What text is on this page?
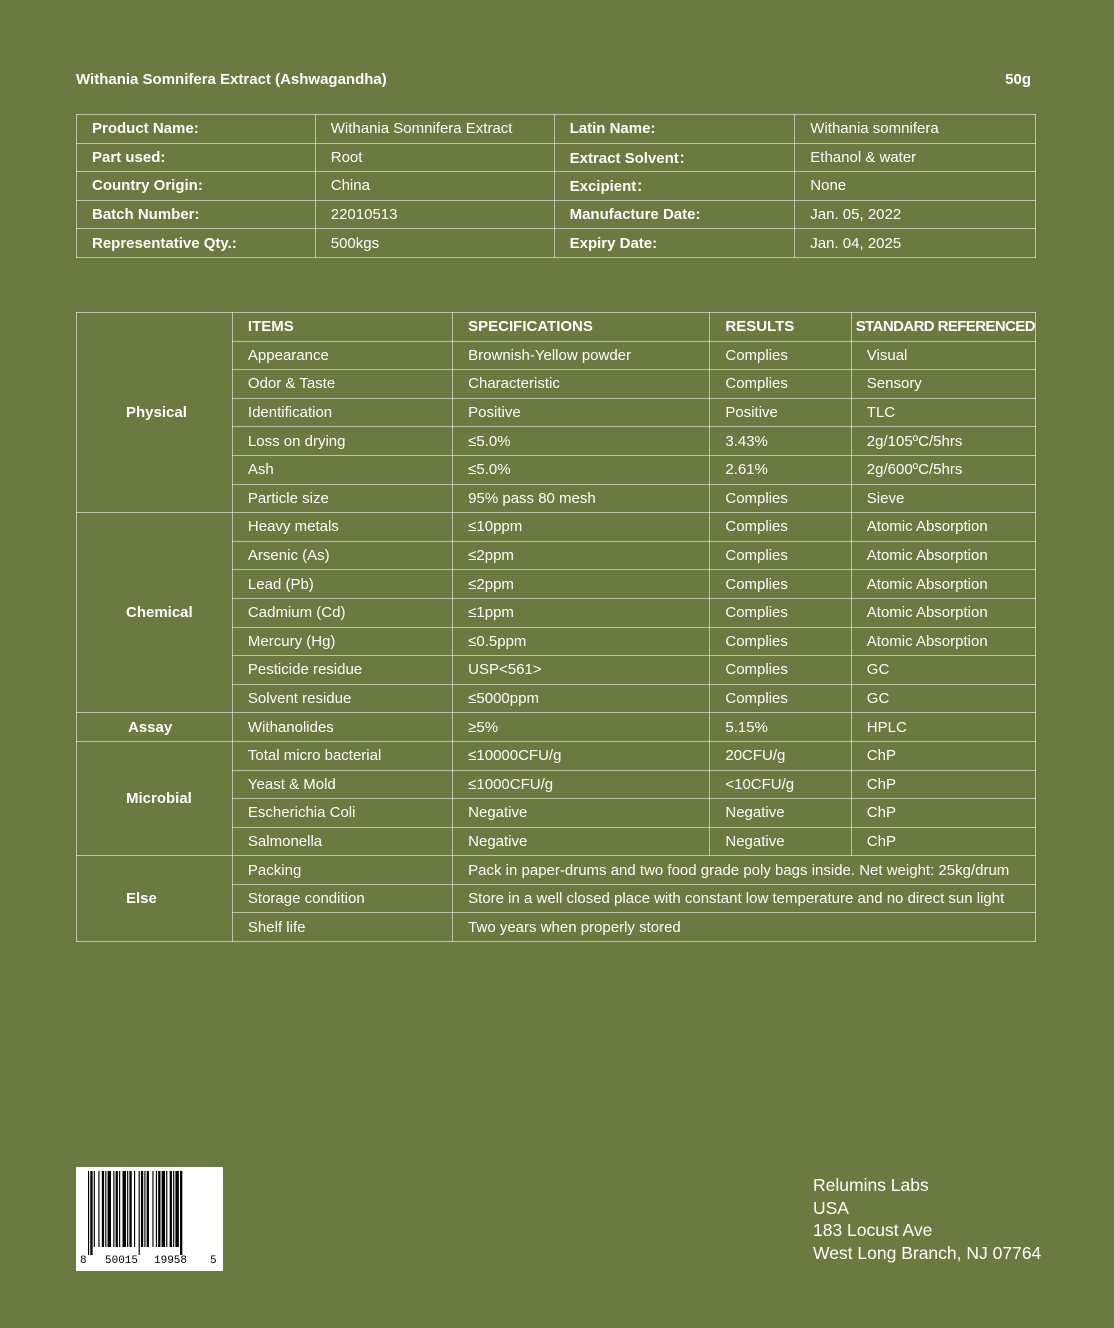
Withania Somnifera Extract (Ashwagandha)	50g
Product Name:	Withania Somnifera Extract	Latin Name:	Withania somnifera
Part used:	Root	Extract Solvent：	Ethanol & water
Country Origin:	China	Excipient：	None
Batch Number:	22010513	Manufacture Date:	Jan. 05, 2022
Representative Qty.:	500kgs	Expiry Date:	Jan. 04, 2025
Physical	ITEMS	SPECIFICATIONS	RESULTS	STANDARD REFERENCED
	Appearance	Brownish-Yellow powder	Complies	Visual
	Odor & Taste	Characteristic	Complies	Sensory
	Identification	Positive	Positive	TLC
	Loss on drying	≤5.0%	3.43%	2g/105ºC/5hrs
	Ash	≤5.0%	2.61%	2g/600ºC/5hrs
	Particle size	95% pass 80 mesh	Complies	Sieve
Chemical	Heavy metals	≤10ppm	Complies	Atomic Absorption
	Arsenic (As)	≤2ppm	Complies	Atomic Absorption
	Lead (Pb)	≤2ppm	Complies	Atomic Absorption
	Cadmium (Cd)	≤1ppm	Complies	Atomic Absorption
	Mercury (Hg)	≤0.5ppm	Complies	Atomic Absorption
	Pesticide residue	USP<561>	Complies	GC
	Solvent residue	≤5000ppm	Complies	GC
Assay	Withanolides	≥5%	5.15%	HPLC
Microbial	Total micro bacterial	≤10000CFU/g	20CFU/g	ChP
	Yeast & Mold	≤1000CFU/g	<10CFU/g	ChP
	Escherichia Coli	Negative	Negative	ChP
	Salmonella	Negative	Negative	ChP
Else	Packing	Pack in paper-drums and two food grade poly bags inside. Net weight: 25kg/drum		
	Storage condition	Store in a well closed place with constant low temperature and no direct sun light		
	Shelf life	Two years when properly stored		
8 50015 19958 5
Relumins Labs
USA
183 Locust Ave
West Long Branch, NJ 07764
